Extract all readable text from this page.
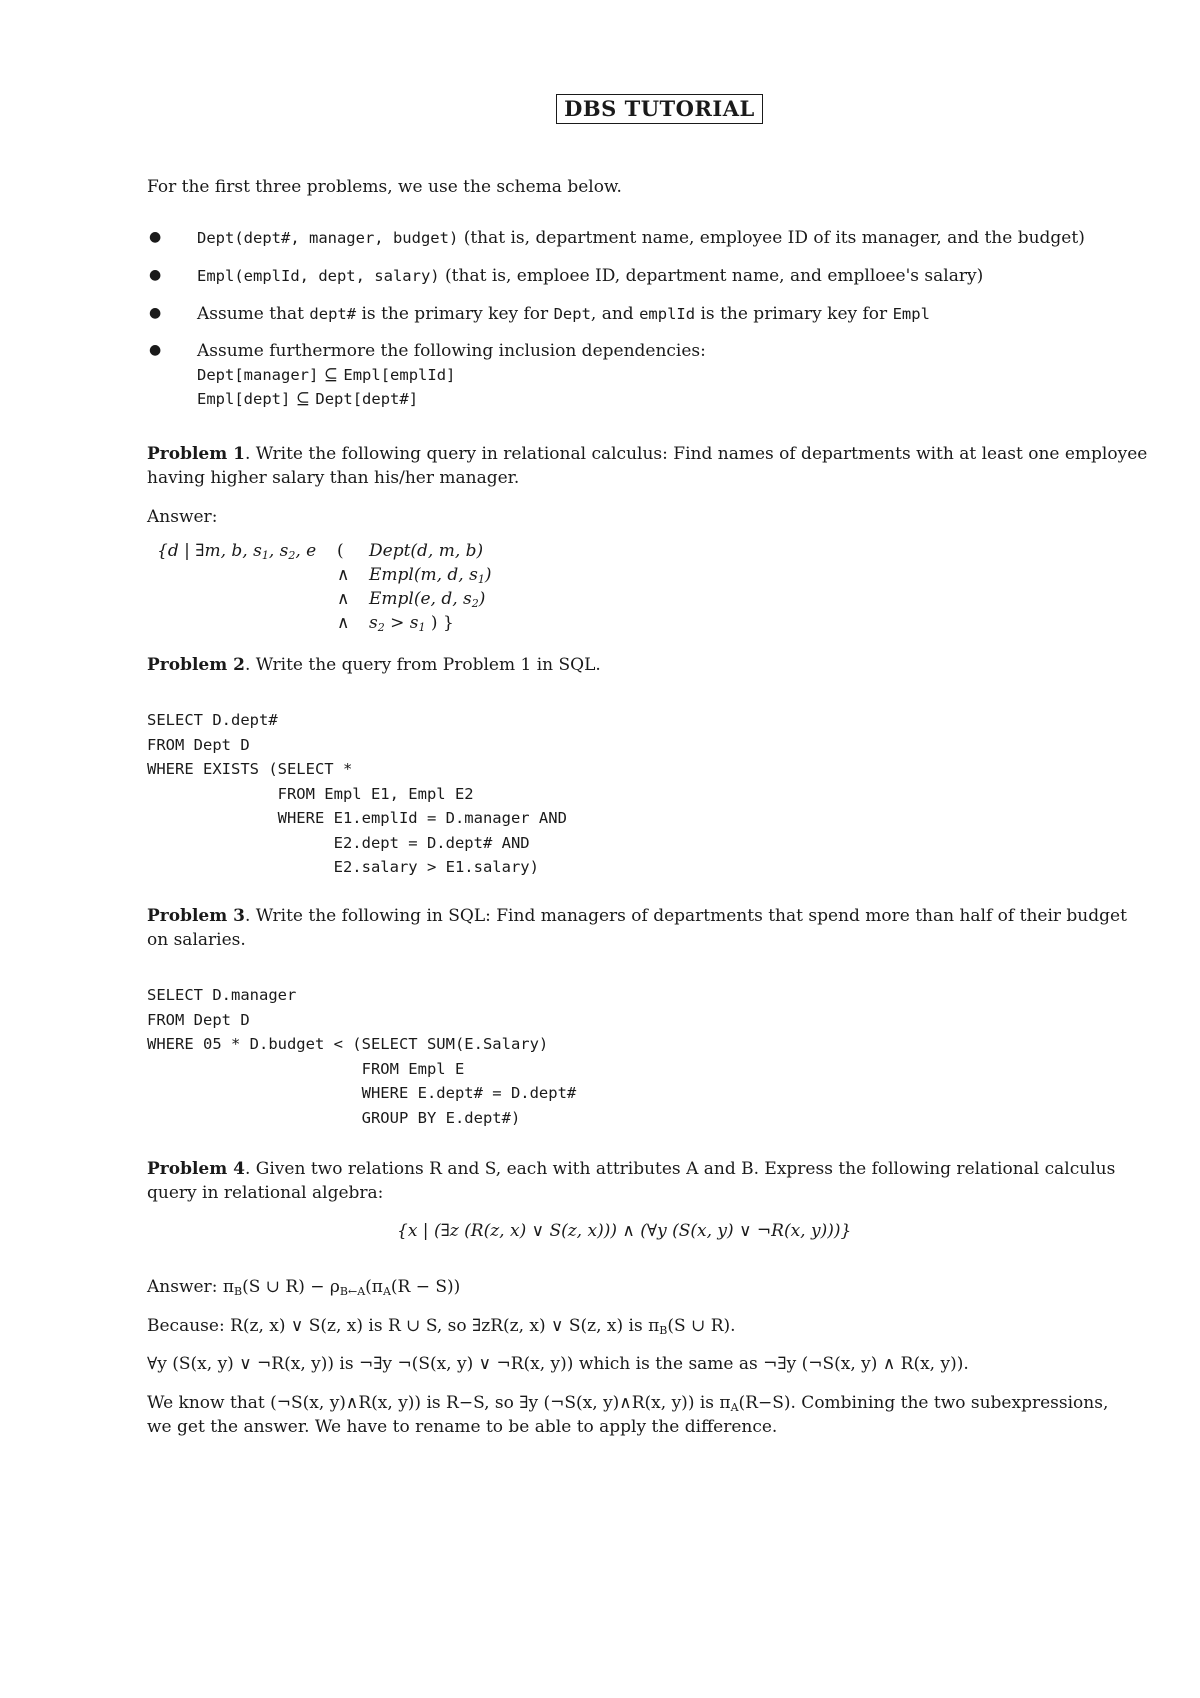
DBS TUTORIAL
For the first three problems, we use the schema below.
● Dept(dept#, manager, budget) (that is, department name, employee ID of its manager, and the budget)
● Empl(emplId, dept, salary) (that is, emploee ID, department name, and emplloee's salary)
● Assume that dept# is the primary key for Dept, and emplId is the primary key for Empl
● Assume furthermore the following inclusion dependencies:
Dept[manager] ⊆ Empl[emplId]
Empl[dept] ⊆ Dept[dept#]
Problem 1. Write the following query in relational calculus: Find names of departments with at least one employee
having higher salary than his/her manager.
Answer:
{d | ∃m, b, $s_1$, $s_2$, e ( Dept(d, m, b)
∧ Empl(m, d, $s_1$)
∧ Empl(e, d, $s_2$)
∧ $s_2 > s_1$ ) }
Problem 2. Write the query from Problem 1 in SQL.
SELECT D.dept#
FROM Dept D
WHERE EXISTS (SELECT *
FROM Empl E1, Empl E2
WHERE E1.emplId = D.manager AND
E2.dept = D.dept# AND
E2.salary > E1.salary)
Problem 3. Write the following in SQL: Find managers of departments that spend more than half of their budget
on salaries.
SELECT D.manager
FROM Dept D
WHERE 05 * D.budget < (SELECT SUM(E.Salary)
FROM Empl E
WHERE E.dept# = D.dept#
GROUP BY E.dept#)
Problem 4. Given two relations R and S, each with attributes A and B. Express the following relational calculus
query in relational algebra:
{x | (∃z (R(z, x) ∨ S(z, x))) ∧ (∀y (S(x, y) ∨ ¬R(x, y)))}
Answer: $\pi_B(S$ ∪ $R) - \rho_{B\leftarrow A}(\pi_A(R - S))$
Because: R(z, x) ∨ S(z, x) is R ∪ S, so ∃zR(z, x) ∨ S(z, x) is $\pi_B(S$ ∪ R).
∀y (S(x, y) ∨ ¬R(x, y)) is ¬∃y ¬(S(x, y) ∨ ¬R(x, y)) which is the same as ¬∃y (¬S(x, y) ∧ R(x, y)).
We know that (¬S(x, y)∧R(x, y)) is R−S, so ∃y (¬S(x, y)∧R(x, y)) is $\pi_A(R-S)$. Combining the two subexpressions,
we get the answer. We have to rename to be able to apply the difference.
